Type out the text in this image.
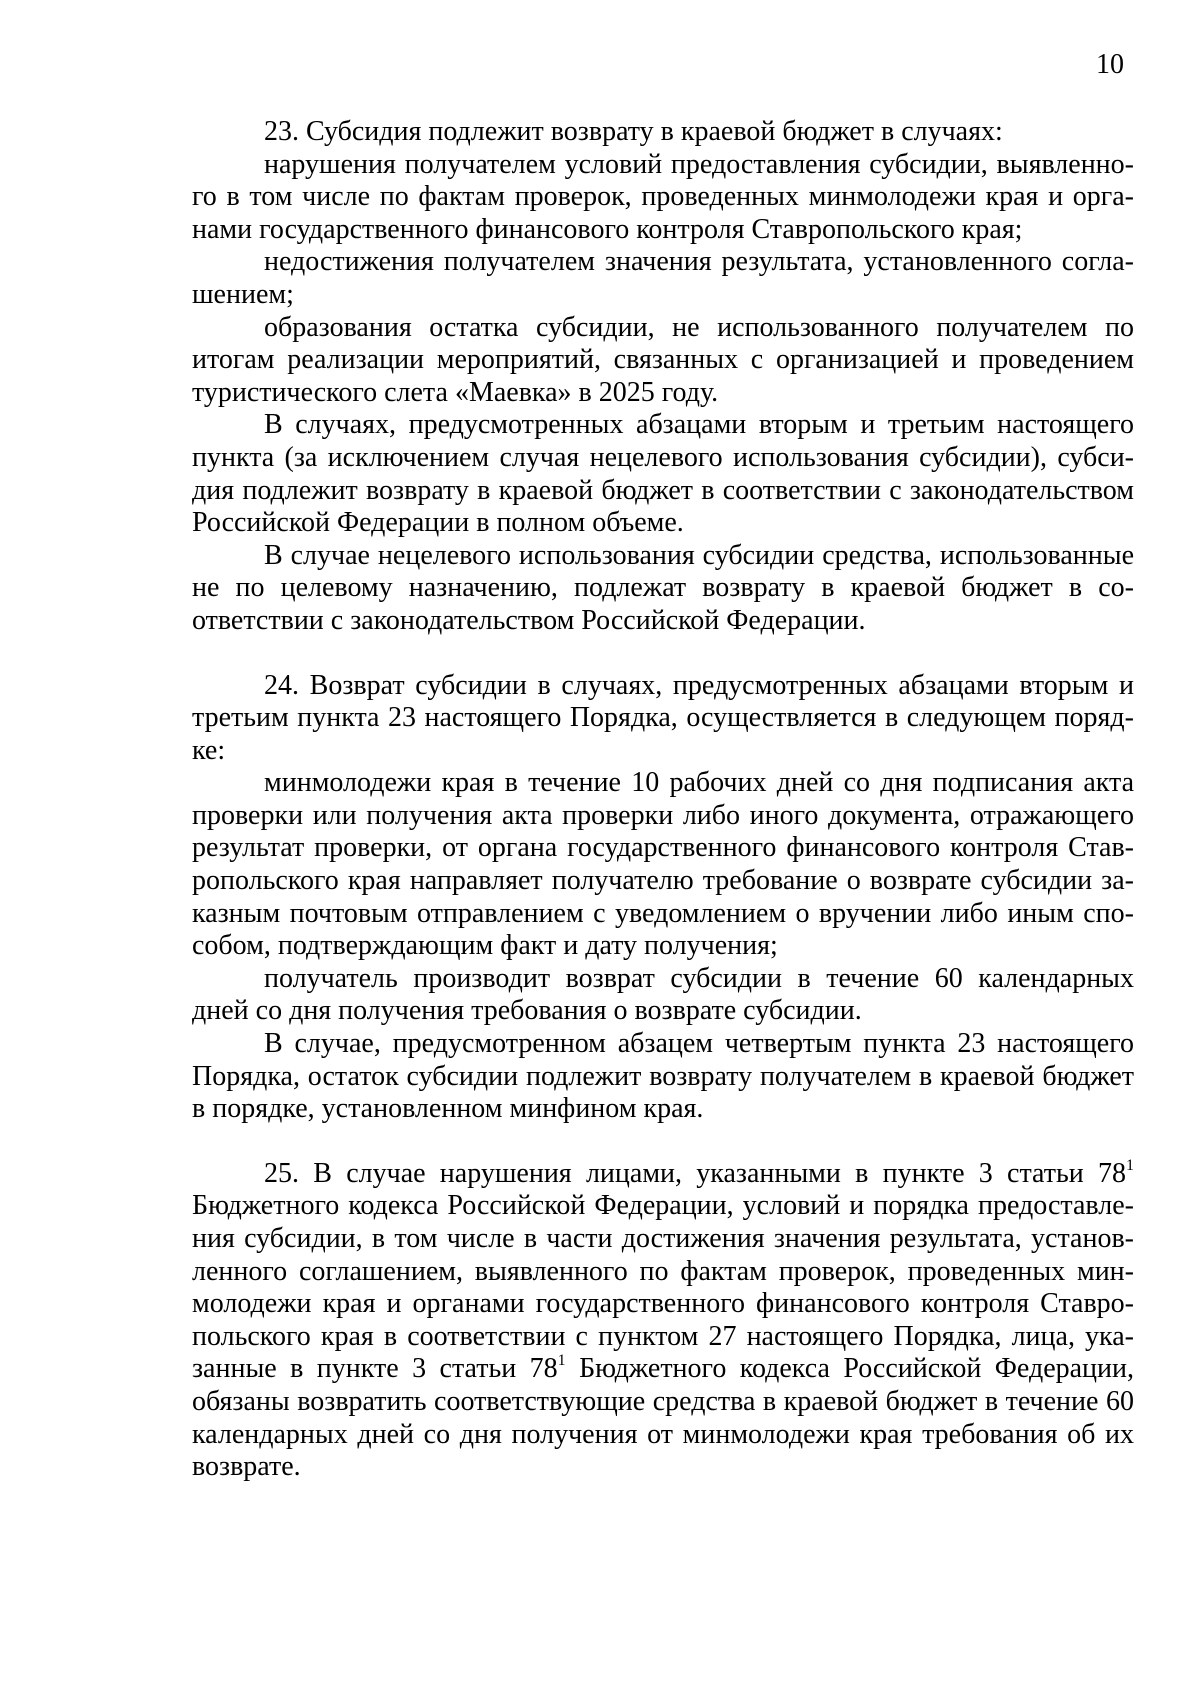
10

23. Субсидия подлежит возврату в краевой бюджет в случаях:

нарушения получателем условий предоставления субсидии, выявленного в том числе по фактам проверок, проведенных минмолодежи края и органами государственного финансового контроля Ставропольского края;

недостижения получателем значения результата, установленного соглашением;

образования остатка субсидии, не использованного получателем по итогам реализации мероприятий, связанных с организацией и проведением туристического слета «Маевка» в 2025 году.

В случаях, предусмотренных абзацами вторым и третьим настоящего пункта (за исключением случая нецелевого использования субсидии), субсидия подлежит возврату в краевой бюджет в соответствии с законодательством Российской Федерации в полном объеме.

В случае нецелевого использования субсидии средства, использованные не по целевому назначению, подлежат возврату в краевой бюджет в соответствии с законодательством Российской Федерации.

24. Возврат субсидии в случаях, предусмотренных абзацами вторым и третьим пункта 23 настоящего Порядка, осуществляется в следующем порядке:

минмолодежи края в течение 10 рабочих дней со дня подписания акта проверки или получения акта проверки либо иного документа, отражающего результат проверки, от органа государственного финансового контроля Ставропольского края направляет получателю требование о возврате субсидии заказным почтовым отправлением с уведомлением о вручении либо иным способом, подтверждающим факт и дату получения;

получатель производит возврат субсидии в течение 60 календарных дней со дня получения требования о возврате субсидии.

В случае, предусмотренном абзацем четвертым пункта 23 настоящего Порядка, остаток субсидии подлежит возврату получателем в краевой бюджет в порядке, установленном минфином края.

25. В случае нарушения лицами, указанными в пункте 3 статьи $78^1$ Бюджетного кодекса Российской Федерации, условий и порядка предоставления субсидии, в том числе в части достижения значения результата, установленного соглашением, выявленного по фактам проверок, проведенных минмолодежи края и органами государственного финансового контроля Ставропольского края в соответствии с пунктом 27 настоящего Порядка, лица, указанные в пункте 3 статьи $78^1$ Бюджетного кодекса Российской Федерации, обязаны возвратить соответствующие средства в краевой бюджет в течение 60 календарных дней со дня получения от минмолодежи края требования об их возврате.
